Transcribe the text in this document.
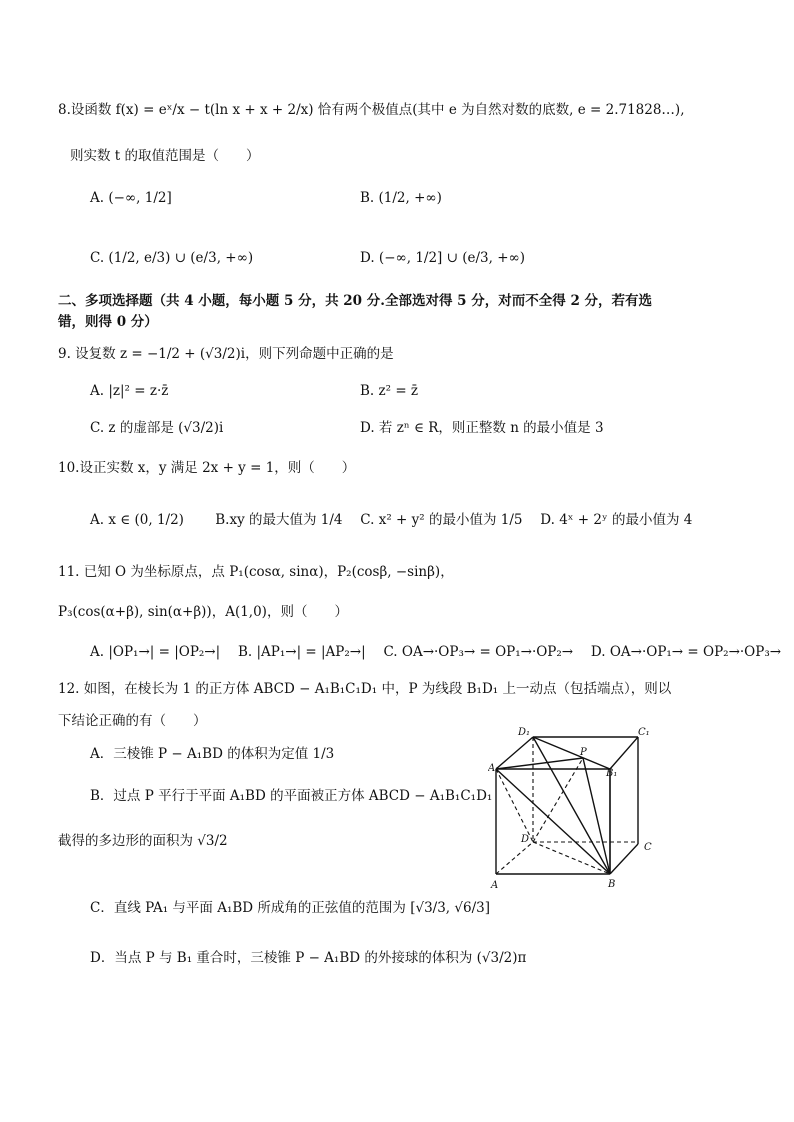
8.设函数 f(x) = eˣ/x − t(ln x + x + 2/x) 恰有两个极值点(其中 e 为自然对数的底数, e = 2.71828…),
则实数 t 的取值范围是（　　）
A. (−∞, 1/2]	B. (1/2, +∞)
C. (1/2, e/3) ∪ (e/3, +∞)	D. (−∞, 1/2] ∪ (e/3, +∞)
二、多项选择题（共 4 小题，每小题 5 分，共 20 分.全部选对得 5 分，对而不全得 2 分，若有选
错，则得 0 分）
9. 设复数 z = −1/2 + (√3/2)i，则下列命题中正确的是
A. |z|² = z·z̄	B. z² = z̄
C. z 的虚部是 (√3/2)i	D. 若 zⁿ ∈ R，则正整数 n 的最小值是 3
10.设正实数 x，y 满足 2x + y = 1，则（　　）
A. x ∈ (0, 1/2)　　 B.xy 的最大值为 1/4　 C. x² + y² 的最小值为 1/5　 D. 4ˣ + 2ʸ 的最小值为 4
11. 已知 O 为坐标原点，点 P₁(cosα, sinα)，P₂(cosβ, −sinβ)，
P₃(cos(α+β), sin(α+β))，A(1,0)，则（　　）
A. |OP₁→| = |OP₂→|　 B. |AP₁→| = |AP₂→|　 C. OA→·OP₃→ = OP₁→·OP₂→　 D. OA→·OP₁→ = OP₂→·OP₃→
12. 如图，在棱长为 1 的正方体 ABCD − A₁B₁C₁D₁ 中，P 为线段 B₁D₁ 上一动点（包括端点），则以
下结论正确的有（　　）
A．三棱锥 P − A₁BD 的体积为定值 1/3
B．过点 P 平行于平面 A₁BD 的平面被正方体 ABCD − A₁B₁C₁D₁
截得的多边形的面积为 √3/2
C．直线 PA₁ 与平面 A₁BD 所成角的正弦值的范围为 [√3/3, √6/3]
D．当点 P 与 B₁ 重合时，三棱锥 P − A₁BD 的外接球的体积为 (√3/2)π
D₁	C₁
A₁	B₁
P
D
C
A	B
